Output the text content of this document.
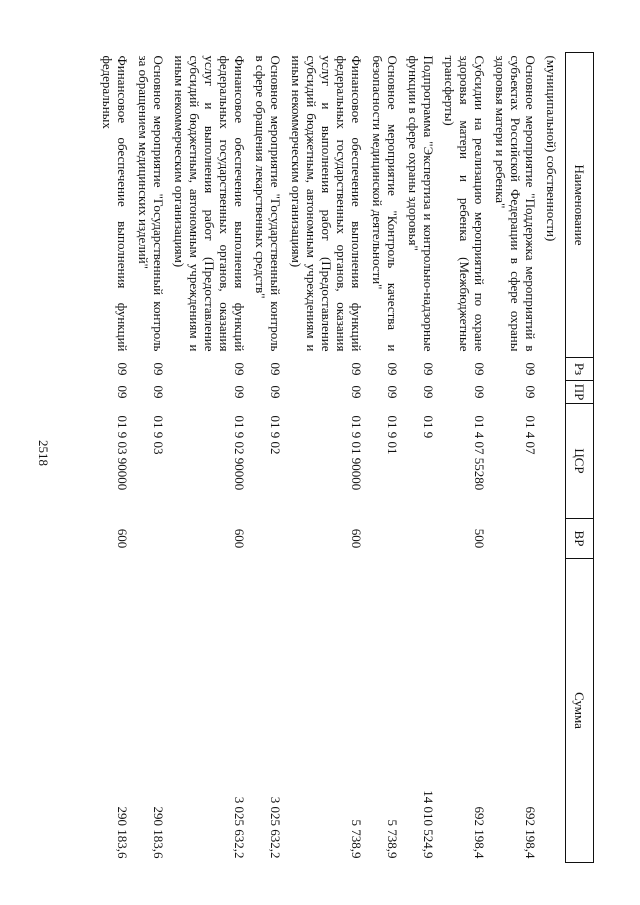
2518
Наименование	Рз	ПР	ЦСР	ВР	Сумма
(муниципальной) собственности)					
Основное мероприятие "Поддержка мероприятий в субъектах Российской Федерации в сфере охраны здоровья матери и ребенка"	09	09	01 4 07		692 198,4
Субсидии на реализацию мероприятий по охране здоровья матери и ребенка (Межбюджетные трансферты)	09	09	01 4 07 55280	500	692 198,4
Подпрограмма "Экспертиза и контрольно-надзорные функции в сфере охраны здоровья"	09	09	01 9		14 010 524,9
Основное мероприятие "Контроль качества и безопасности медицинской деятельности"	09	09	01 9 01		5 738,9
Финансовое обеспечение выполнения функций федеральных государственных органов, оказания услуг и выполнения работ (Предоставление субсидий бюджетным, автономным учреждениям и иным некоммерческим организациям)	09	09	01 9 01 90000	600	5 738,9
Основное мероприятие "Государственный контроль в сфере обращения лекарственных средств"	09	09	01 9 02		3 025 632,2
Финансовое обеспечение выполнения функций федеральных государственных органов, оказания услуг и выполнения работ (Предоставление субсидий бюджетным, автономным учреждениям и иным некоммерческим организациям)	09	09	01 9 02 90000	600	3 025 632,2
Основное мероприятие "Государственный контроль за обращением медицинских изделий"	09	09	01 9 03		290 183,6
Финансовое обеспечение выполнения функций федеральных	09	09	01 9 03 90000	600	290 183,6
